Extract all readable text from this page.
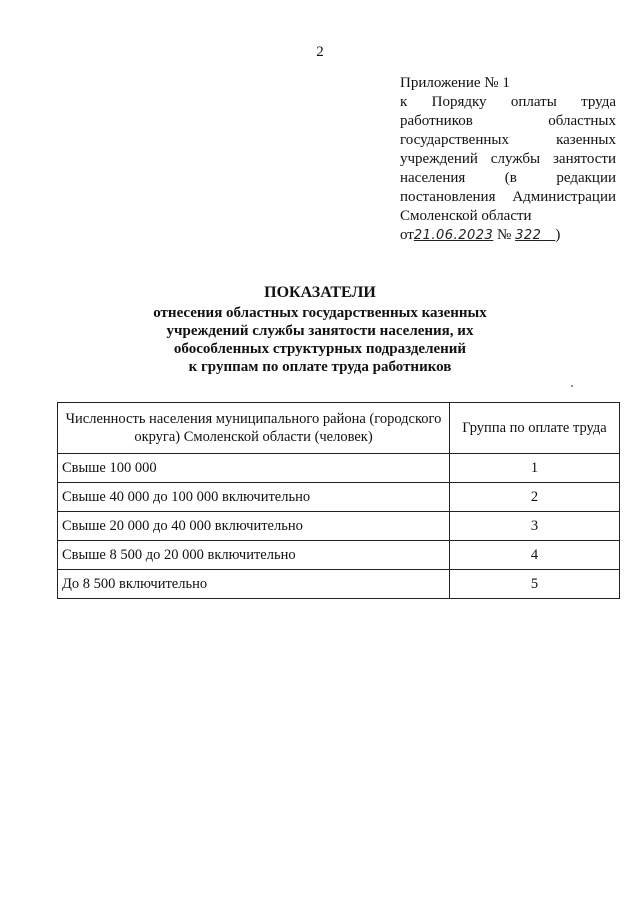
2
Приложение № 1
к Порядку оплаты труда
работников областных
государственных казенных
учреждений службы занятости
населения (в редакции
постановления Администрации
Смоленской области
от21.06.2023 № 322 )
ПОКАЗАТЕЛИ
отнесения областных государственных казенных
учреждений службы занятости населения, их
обособленных структурных подразделений
к группам по оплате труда работников
Численность населения муниципального района (городского округа) Смоленской области (человек)	Группа по оплате труда
Свыше 100 000	1
Свыше 40 000 до 100 000 включительно	2
Свыше 20 000 до 40 000 включительно	3
Свыше 8 500 до 20 000 включительно	4
До 8 500 включительно	5
